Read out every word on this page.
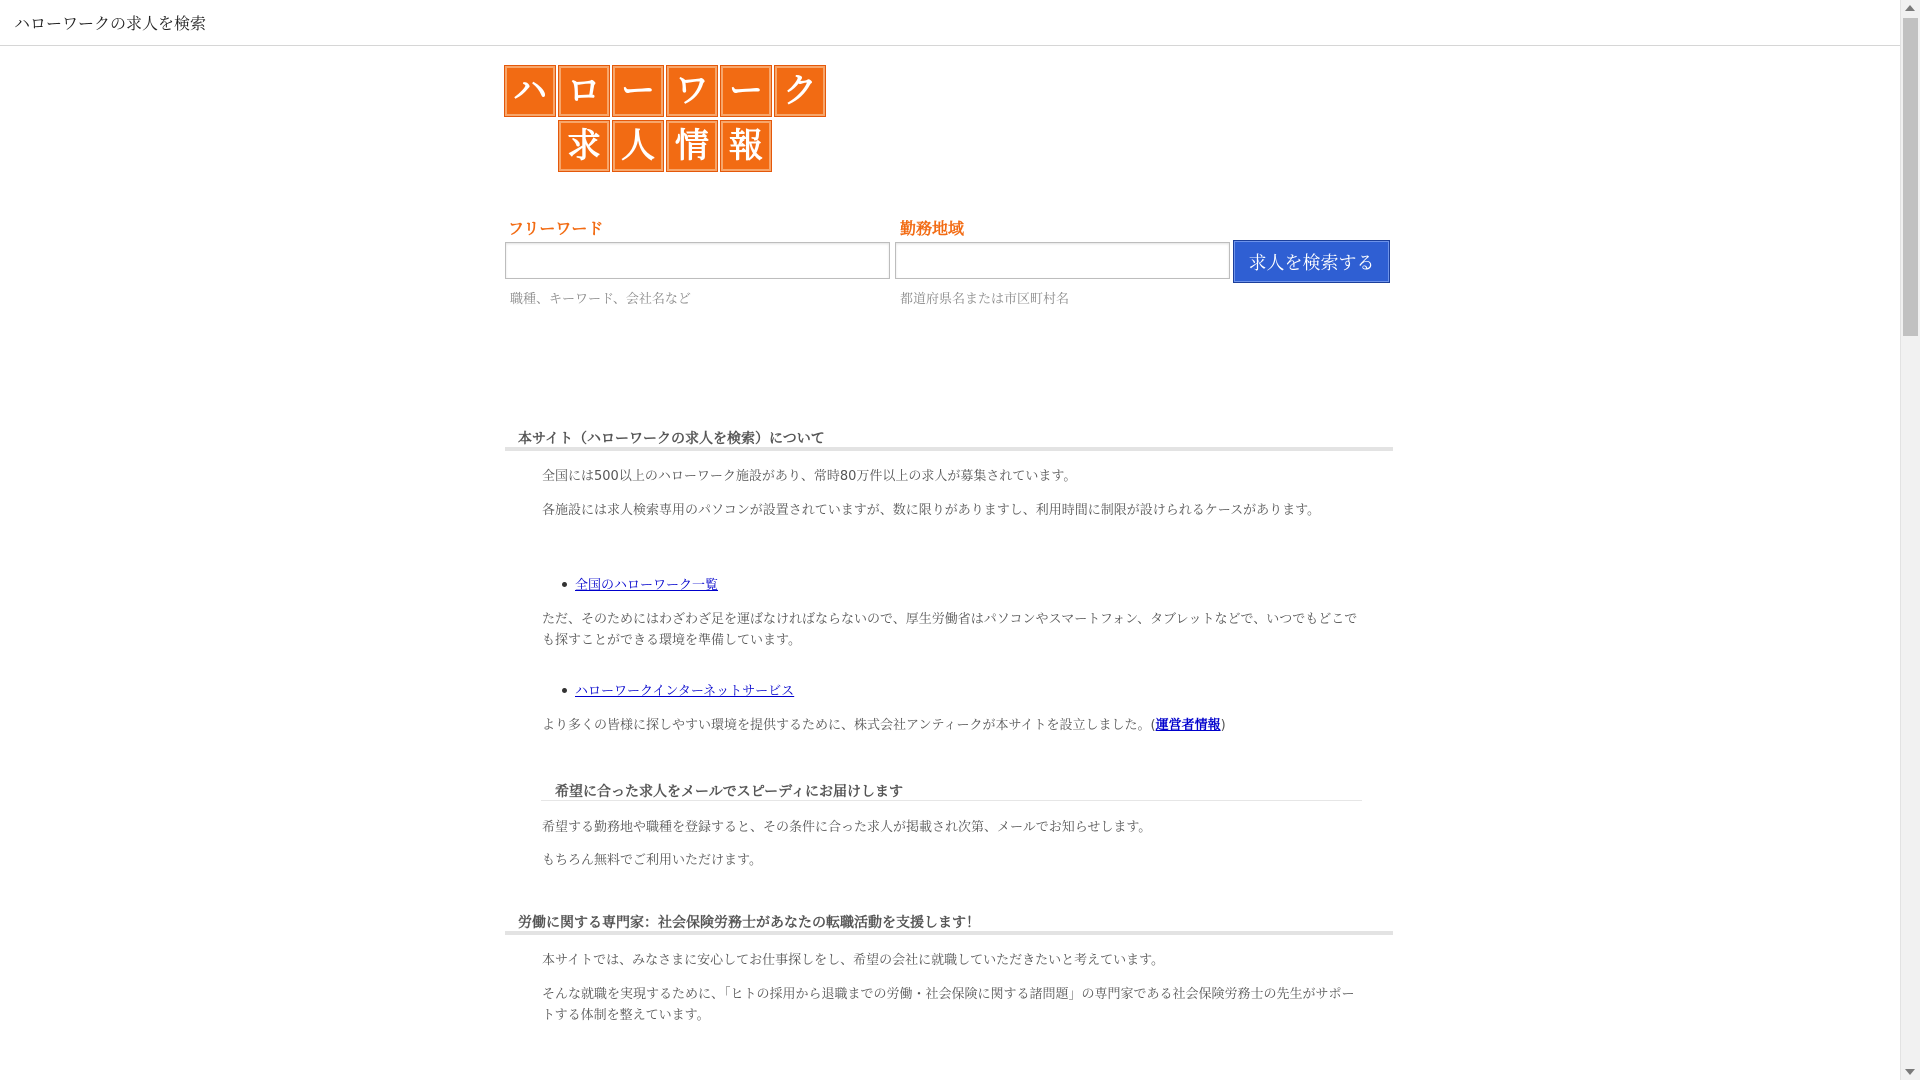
ハローワークの求人を検索
ハ ロ ー ワ ー ク
求 人 情 報
フリーワード
職種、キーワード、会社名など
勤務地域
都道府県名または市区町村名
求人を検索する
本サイト（ハローワークの求人を検索）について
全国には500以上のハローワーク施設があり、常時80万件以上の求人が募集されています。
各施設には求人検索専用のパソコンが設置されていますが、数に限りがありますし、利用時間に制限が設けられるケースがあります。
全国のハローワーク一覧
ただ、そのためにはわざわざ足を運ばなければならないので、厚生労働省はパソコンやスマートフォン、タブレットなどで、いつでもどこでも探すことができる環境を準備しています。
ハローワークインターネットサービス
より多くの皆様に探しやすい環境を提供するために、株式会社アンティークが本サイトを設立しました。(運営者情報)
希望に合った求人をメールでスピーディにお届けします
希望する勤務地や職種を登録すると、その条件に合った求人が掲載され次第、メールでお知らせします。
もちろん無料でご利用いただけます。
労働に関する専門家：社会保険労務士があなたの転職活動を支援します！
本サイトでは、みなさまに安心してお仕事探しをし、希望の会社に就職していただきたいと考えています。
そんな就職を実現するために、「ヒトの採用から退職までの労働・社会保険に関する諸問題」の専門家である社会保険労務士の先生がサポートする体制を整えています。
